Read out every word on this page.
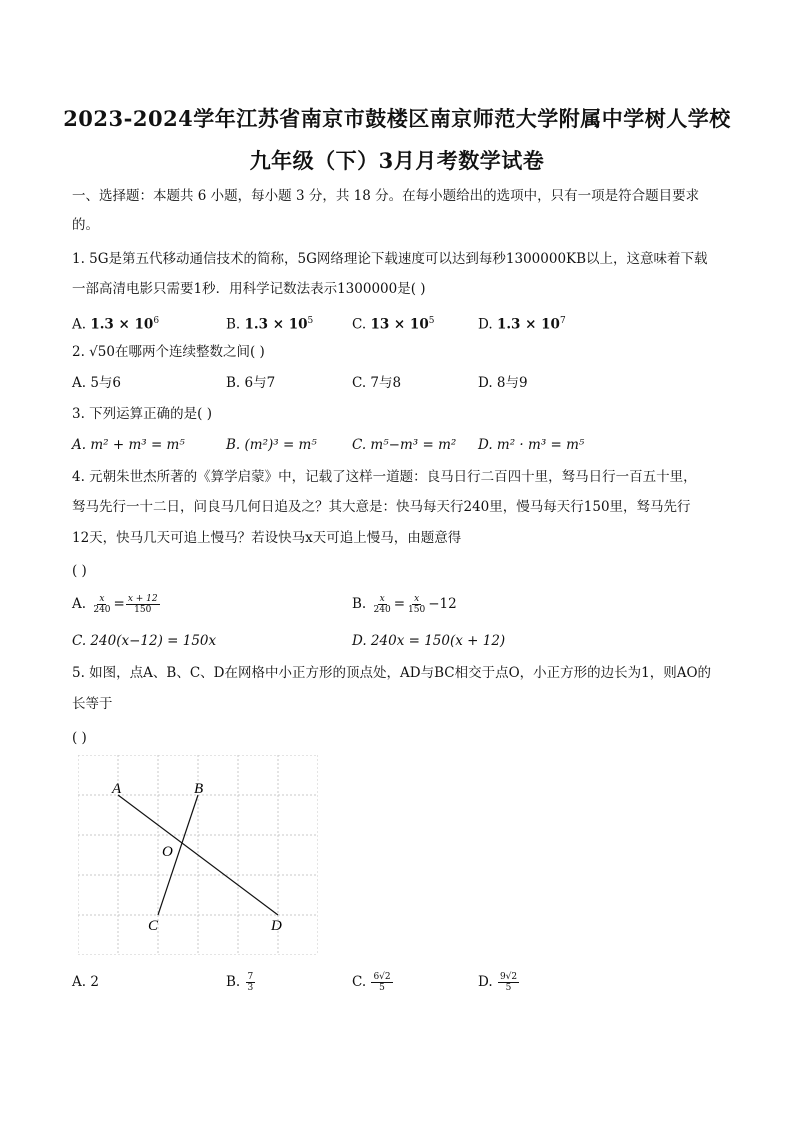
2023-2024学年江苏省南京市鼓楼区南京师范大学附属中学树人学校
九年级（下）3月月考数学试卷
一、选择题：本题共 6 小题，每小题 3 分，共 18 分。在每小题给出的选项中，只有一项是符合题目要求
的。
1. 5G是第五代移动通信技术的简称，5G网络理论下载速度可以达到每秒1300000KB以上，这意味着下载
一部高清电影只需要1秒．用科学记数法表示1300000是( )
A. $1.3 \times 10^6$	B. $1.3 \times 10^5$	C. $13 \times 10^5$	D. $1.3 \times 10^7$
2. √50在哪两个连续整数之间( )
A. 5与6	B. 6与7	C. 7与8	D. 8与9
3. 下列运算正确的是( )
A. m² + m³ = m⁵	B. (m²)³ = m⁵	C. m⁵−m³ = m² D. m² · m³ = m⁵
4. 元朝朱世杰所著的《算学启蒙》中，记载了这样一道题：良马日行二百四十里，驽马日行一百五十里，
驽马先行一十二日，问良马几何日追及之？其大意是：快马每天行240里，慢马每天行150里，驽马先行
12天，快马几天可追上慢马？若设快马x天可追上慢马，由题意得
( )
A. $\frac{x}{240} = \frac{x + 12}{150}$	B. $\frac{x}{240} = \frac{x}{150} -12$
C. 240(x−12) = 150x	D. 240x = 150(x + 12)
5. 如图，点A、B、C、D在网格中小正方形的顶点处，AD与BC相交于点O，小正方形的边长为1，则AO的
长等于
( )
A	B
O
C	D
A. 2	B. $\frac{7}{3}$	C. $\frac{6√2}{5}$	D. $\frac{9√2}{5}$
